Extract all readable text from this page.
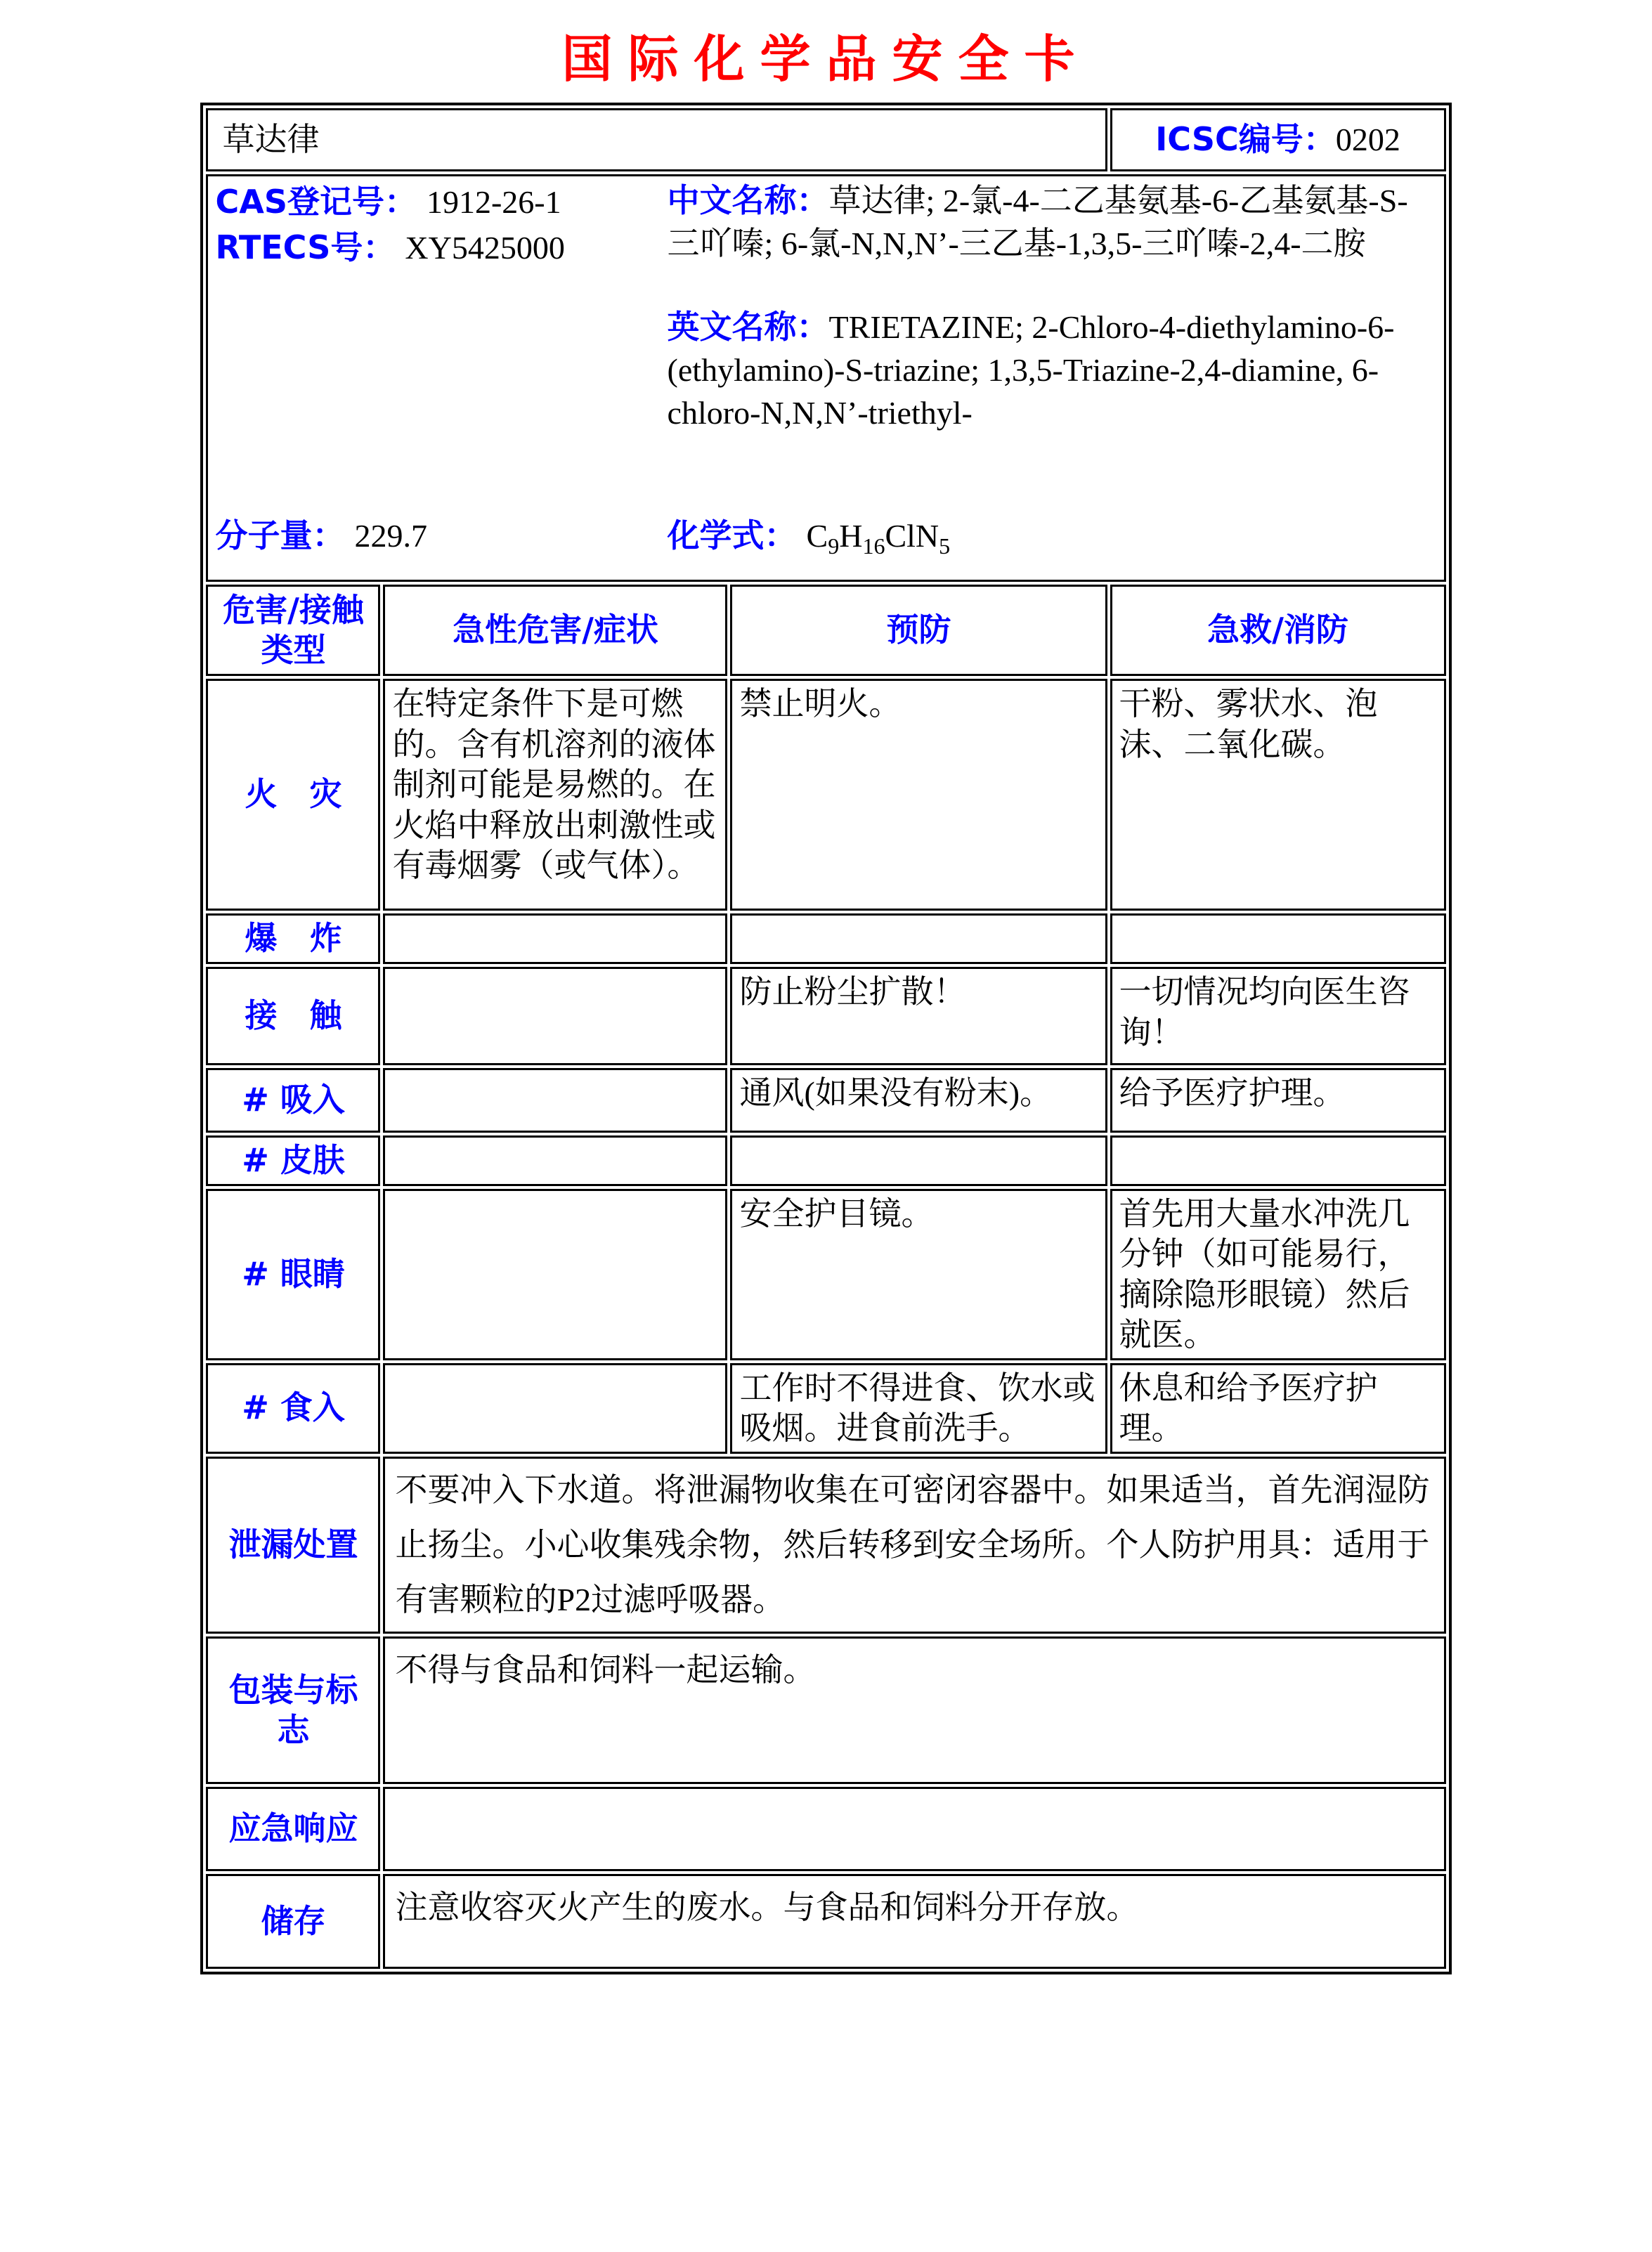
国际化学品安全卡
草达律			ICSC编号：0202

CAS登记号： 1912-26-1
RTECS号： XY5425000
中文名称：草达律; 2-氯-4-二乙基氨基-6-乙基氨基-S-三吖嗪; 6-氯-N,N,N’-三乙基-1,3,5-三吖嗪-2,4-二胺
英文名称：TRIETAZINE; 2-Chloro-4-diethylamino-6-(ethylamino)-S-triazine; 1,3,5-Triazine-2,4-diamine, 6-chloro-N,N,N’-triethyl-
分子量： 229.7	化学式： $C_9H_{16}ClN_5$

危害/接触类型	急性危害/症状	预防	急救/消防
火　灾	在特定条件下是可燃的。含有机溶剂的液体制剂可能是易燃的。在火焰中释放出刺激性或有毒烟雾（或气体）。	禁止明火。	干粉、雾状水、泡沫、二氧化碳。
爆　炸			
接　触		防止粉尘扩散！	一切情况均向医生咨询！
# 吸入		通风(如果没有粉末)。	给予医疗护理。
# 皮肤			
# 眼睛		安全护目镜。	首先用大量水冲洗几分钟（如可能易行，摘除隐形眼镜）然后就医。
# 食入		工作时不得进食、饮水或吸烟。进食前洗手。	休息和给予医疗护理。
泄漏处置	不要冲入下水道。将泄漏物收集在可密闭容器中。如果适当，首先润湿防止扬尘。小心收集残余物，然后转移到安全场所。个人防护用具：适用于有害颗粒的P2过滤呼吸器。		
包装与标志	不得与食品和饲料一起运输。		
应急响应			
储存	注意收容灭火产生的废水。与食品和饲料分开存放。		
